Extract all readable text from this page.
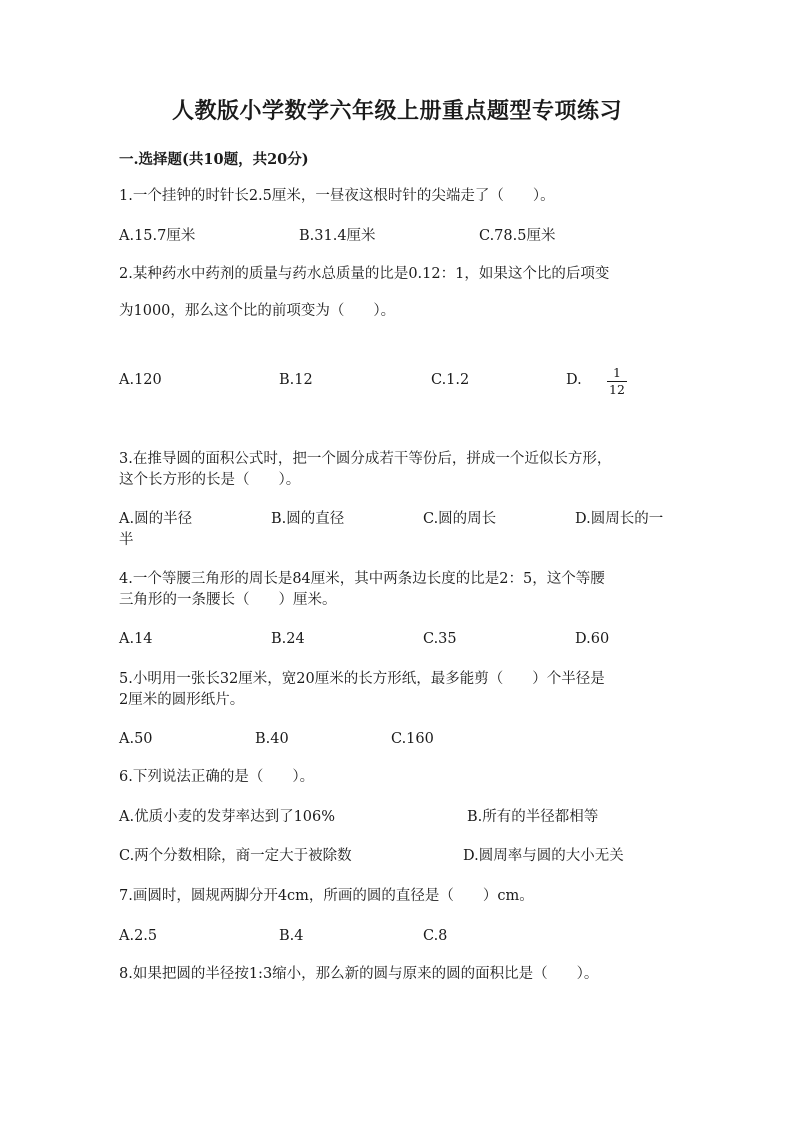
人教版小学数学六年级上册重点题型专项练习
一.选择题(共10题，共20分)
1.一个挂钟的时针长2.5厘米，一昼夜这根时针的尖端走了（　　）。
A.15.7厘米	B.31.4厘米	C.78.5厘米
2.某种药水中药剂的质量与药水总质量的比是0.12：1，如果这个比的后项变
为1000，那么这个比的前项变为（　　）。
A.120	B.12	C.1.2	D. $\frac{1}{12}$
3.在推导圆的面积公式时，把一个圆分成若干等份后，拼成一个近似长方形，
这个长方形的长是（　　）。
A.圆的半径	B.圆的直径	C.圆的周长	D.圆周长的一
半
4.一个等腰三角形的周长是84厘米，其中两条边长度的比是2：5，这个等腰
三角形的一条腰长（　　）厘米。
A.14	B.24	C.35	D.60
5.小明用一张长32厘米，宽20厘米的长方形纸，最多能剪（　　）个半径是
2厘米的圆形纸片。
A.50	B.40	C.160
6.下列说法正确的是（　　）。
A.优质小麦的发芽率达到了106%	B.所有的半径都相等
C.两个分数相除，商一定大于被除数	D.圆周率与圆的大小无关
7.画圆时，圆规两脚分开4cm，所画的圆的直径是（　　）cm。
A.2.5	B.4	C.8
8.如果把圆的半径按1:3缩小，那么新的圆与原来的圆的面积比是（　　）。
